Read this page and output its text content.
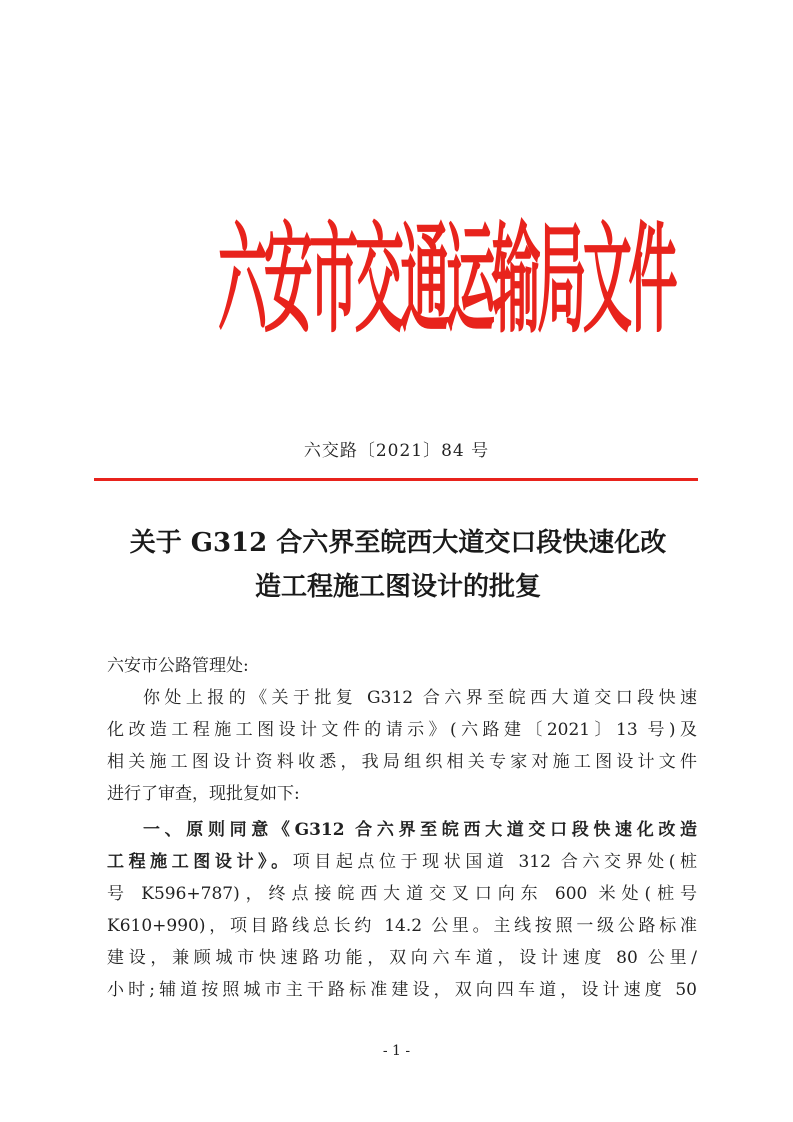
六安市交通运输局文件
六交路〔2021〕84 号
关于 G312 合六界至皖西大道交口段快速化改
造工程施工图设计的批复
六安市公路管理处:
你处上报的《关于批复 G312 合六界至皖西大道交口段快速
化改造工程施工图设计文件的请示》(六路建〔2021〕13 号)及
相关施工图设计资料收悉，我局组织相关专家对施工图设计文件
进行了审查，现批复如下:
一、原则同意《G312 合六界至皖西大道交口段快速化改造
工程施工图设计》。项目起点位于现状国道 312 合六交界处(桩
号 K596+787)，终点接皖西大道交叉口向东 600 米处(桩号
K610+990)，项目路线总长约 14.2 公里。主线按照一级公路标准
建设，兼顾城市快速路功能，双向六车道，设计速度 80 公里/
小时;辅道按照城市主干路标准建设，双向四车道，设计速度 50
- 1 -
